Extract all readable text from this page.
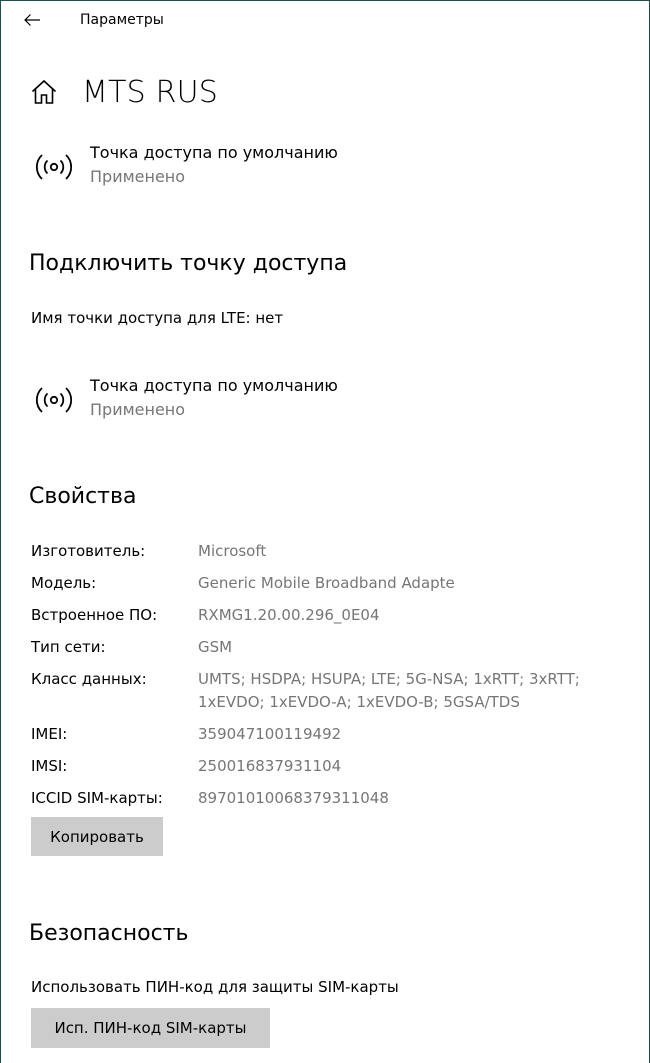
Параметры
MTS RUS
Точка доступа по умолчанию
Применено
Подключить точку доступа
Имя точки доступа для LTE: нет
Точка доступа по умолчанию
Применено
Свойства
Изготовитель:	Microsoft
Модель:	Generic Mobile Broadband Adapte
Встроенное ПО:	RXMG1.20.00.296_0E04
Тип сети:	GSM
Класс данных:	UMTS; HSDPA; HSUPA; LTE; 5G-NSA; 1xRTT; 3xRTT; 1xEVDO; 1xEVDO-A; 1xEVDO-B; 5GSA/TDS
IMEI:	359047100119492
IMSI:	250016837931104
ICCID SIM-карты: 89701010068379311048
Копировать
Безопасность
Использовать ПИН-код для защиты SIM-карты
Исп. ПИН-код SIM-карты
